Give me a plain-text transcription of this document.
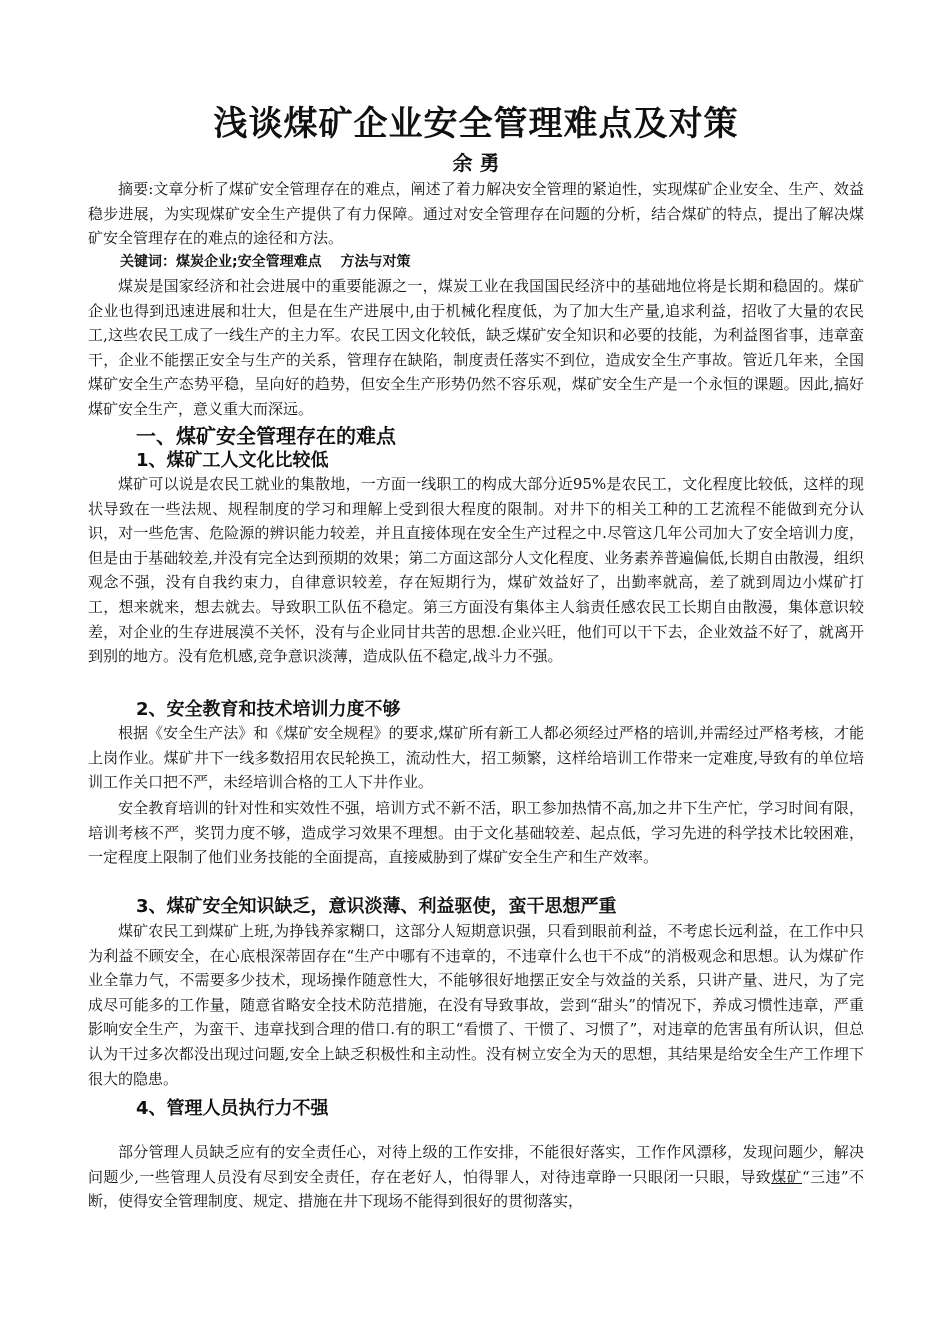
浅谈煤矿企业安全管理难点及对策
余 勇

摘要:文章分析了煤矿安全管理存在的难点，阐述了着力解决安全管理的紧迫性，实现煤矿企业安全、生产、效益稳步进展，为实现煤矿安全生产提供了有力保障。通过对安全管理存在问题的分析，结合煤矿的特点，提出了解决煤矿安全管理存在的难点的途径和方法。

关键词：煤炭企业;安全管理难点　 方法与对策

煤炭是国家经济和社会进展中的重要能源之一，煤炭工业在我国国民经济中的基础地位将是长期和稳固的。煤矿企业也得到迅速进展和壮大，但是在生产进展中,由于机械化程度低，为了加大生产量,追求利益，招收了大量的农民工,这些农民工成了一线生产的主力军。农民工因文化较低，缺乏煤矿安全知识和必要的技能，为利益图省事，违章蛮干，企业不能摆正安全与生产的关系，管理存在缺陷，制度责任落实不到位，造成安全生产事故。管近几年来，全国煤矿安全生产态势平稳，呈向好的趋势，但安全生产形势仍然不容乐观，煤矿安全生产是一个永恒的课题。因此,搞好煤矿安全生产，意义重大而深远。

一、煤矿安全管理存在的难点
1、煤矿工人文化比较低

煤矿可以说是农民工就业的集散地，一方面一线职工的构成大部分近95%是农民工，文化程度比较低，这样的现状导致在一些法规、规程制度的学习和理解上受到很大程度的限制。对井下的相关工种的工艺流程不能做到充分认识，对一些危害、危险源的辨识能力较差，并且直接体现在安全生产过程之中.尽管这几年公司加大了安全培训力度，但是由于基础较差,并没有完全达到预期的效果；第二方面这部分人文化程度、业务素养普遍偏低,长期自由散漫，组织观念不强，没有自我约束力，自律意识较差，存在短期行为，煤矿效益好了，出勤率就高，差了就到周边小煤矿打工，想来就来，想去就去。导致职工队伍不稳定。第三方面没有集体主人翁责任感农民工长期自由散漫，集体意识较差，对企业的生存进展漠不关怀，没有与企业同甘共苦的思想.企业兴旺，他们可以干下去，企业效益不好了，就离开到别的地方。没有危机感,竞争意识淡薄，造成队伍不稳定,战斗力不强。

2、安全教育和技术培训力度不够

根据《安全生产法》和《煤矿安全规程》的要求,煤矿所有新工人都必须经过严格的培训,并需经过严格考核，才能上岗作业。煤矿井下一线多数招用农民轮换工，流动性大，招工频繁，这样给培训工作带来一定难度,导致有的单位培训工作关口把不严，未经培训合格的工人下井作业。

安全教育培训的针对性和实效性不强，培训方式不新不活，职工参加热情不高,加之井下生产忙，学习时间有限，培训考核不严，奖罚力度不够，造成学习效果不理想。由于文化基础较差、起点低，学习先进的科学技术比较困难，一定程度上限制了他们业务技能的全面提高，直接威胁到了煤矿安全生产和生产效率。

3、煤矿安全知识缺乏，意识淡薄、利益驱使，蛮干思想严重

煤矿农民工到煤矿上班,为挣钱养家糊口，这部分人短期意识强，只看到眼前利益，不考虑长远利益，在工作中只为利益不顾安全，在心底根深蒂固存在“生产中哪有不违章的，不违章什么也干不成”的消极观念和思想。认为煤矿作业全靠力气，不需要多少技术，现场操作随意性大，不能够很好地摆正安全与效益的关系，只讲产量、进尺，为了完成尽可能多的工作量，随意省略安全技术防范措施，在没有导致事故，尝到“甜头”的情况下，养成习惯性违章，严重影响安全生产，为蛮干、违章找到合理的借口.有的职工“看惯了、干惯了、习惯了”，对违章的危害虽有所认识，但总认为干过多次都没出现过问题,安全上缺乏积极性和主动性。没有树立安全为天的思想，其结果是给安全生产工作埋下很大的隐患。

4、管理人员执行力不强

部分管理人员缺乏应有的安全责任心，对待上级的工作安排，不能很好落实，工作作风漂移，发现问题少，解决问题少,一些管理人员没有尽到安全责任，存在老好人，怕得罪人，对待违章睁一只眼闭一只眼，导致煤矿“三违”不断，使得安全管理制度、规定、措施在井下现场不能得到很好的贯彻落实，
